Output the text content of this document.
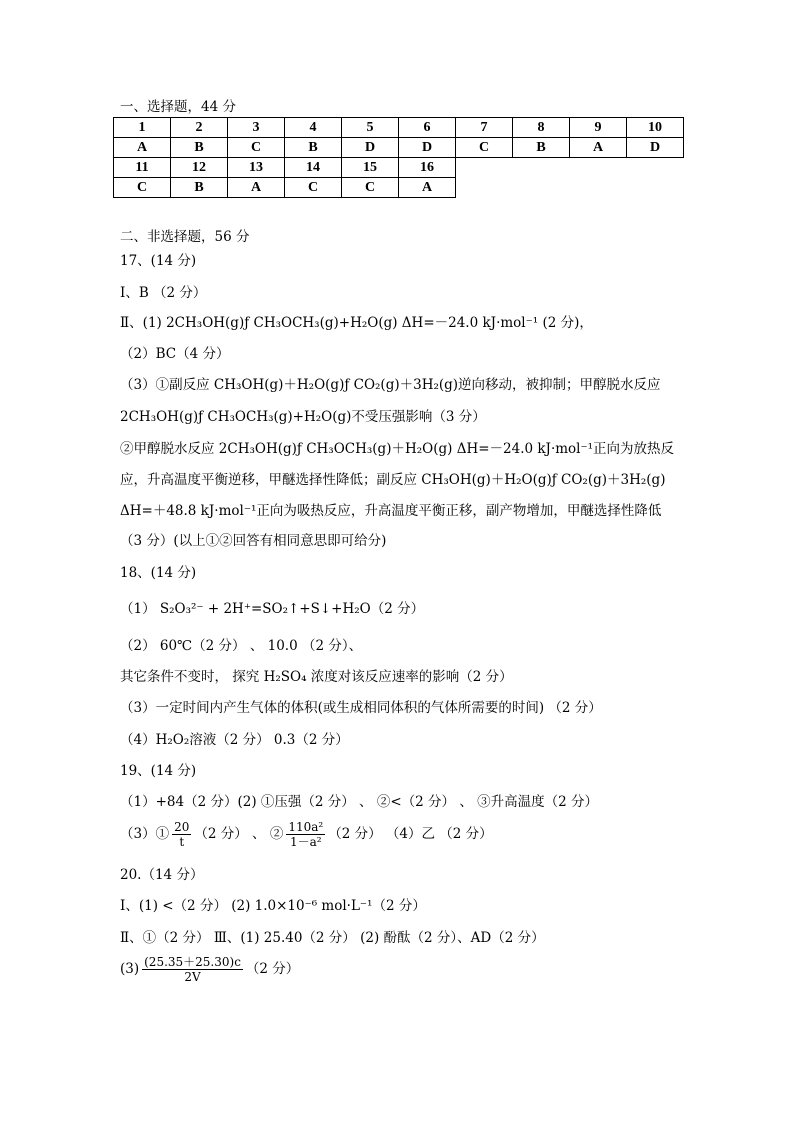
一、选择题，44 分
1	2	3	4	5	6	7	8	9	10
A	B	C	B	D	D	C	B	A	D
11	12	13	14	15	16				
C	B	A	C	C	A				
二、非选择题，56 分
17、(14 分)
Ⅰ、B （2 分）
Ⅱ、(1) 2CH₃OH(g)ƒ CH₃OCH₃(g)+H₂O(g) ΔH=－24.0 kJ·mol⁻¹ (2 分)，
（2）BC（4 分）
（3）①副反应 CH₃OH(g)＋H₂O(g)ƒ CO₂(g)＋3H₂(g)逆向移动，被抑制；甲醇脱水反应
2CH₃OH(g)ƒ CH₃OCH₃(g)+H₂O(g)不受压强影响（3 分）
②甲醇脱水反应 2CH₃OH(g)ƒ CH₃OCH₃(g)＋H₂O(g) ΔH=－24.0 kJ·mol⁻¹正向为放热反
应，升高温度平衡逆移，甲醚选择性降低；副反应 CH₃OH(g)＋H₂O(g)ƒ CO₂(g)＋3H₂(g)
ΔH=＋48.8 kJ·mol⁻¹正向为吸热反应，升高温度平衡正移，副产物增加，甲醚选择性降低
（3 分）(以上①②回答有相同意思即可给分)
18、(14 分)
（1） S₂O₃²⁻ + 2H⁺=SO₂↑+S↓+H₂O（2 分）
（2） 60℃（2 分） 、 10.0 （2 分）、
其它条件不变时， 探究 H₂SO₄ 浓度对该反应速率的影响（2 分）
（3）一定时间内产生气体的体积(或生成相同体积的气体所需要的时间) （2 分）
（4）H₂O₂溶液（2 分） 0.3（2 分）
19、(14 分)
（1）+84（2 分）(2) ①压强（2 分） 、 ②<（2 分） 、 ③升高温度（2 分）
（3）① $\frac{20}{t} (2$ 分） 、 ② $\frac{\text{110a²}}{\text{1－a²}} (2$ 分） （4）乙 （2 分）
20.（14 分）
Ⅰ、(1) <（2 分） (2) 1.0×10⁻⁶ mol·L⁻¹（2 分）
Ⅱ、①（2 分） Ⅲ、(1) 25.40（2 分） (2) 酚酞（2 分）、AD（2 分）
$(3) \frac{(25.35+25.30)c}{2V} (2$ 分）
